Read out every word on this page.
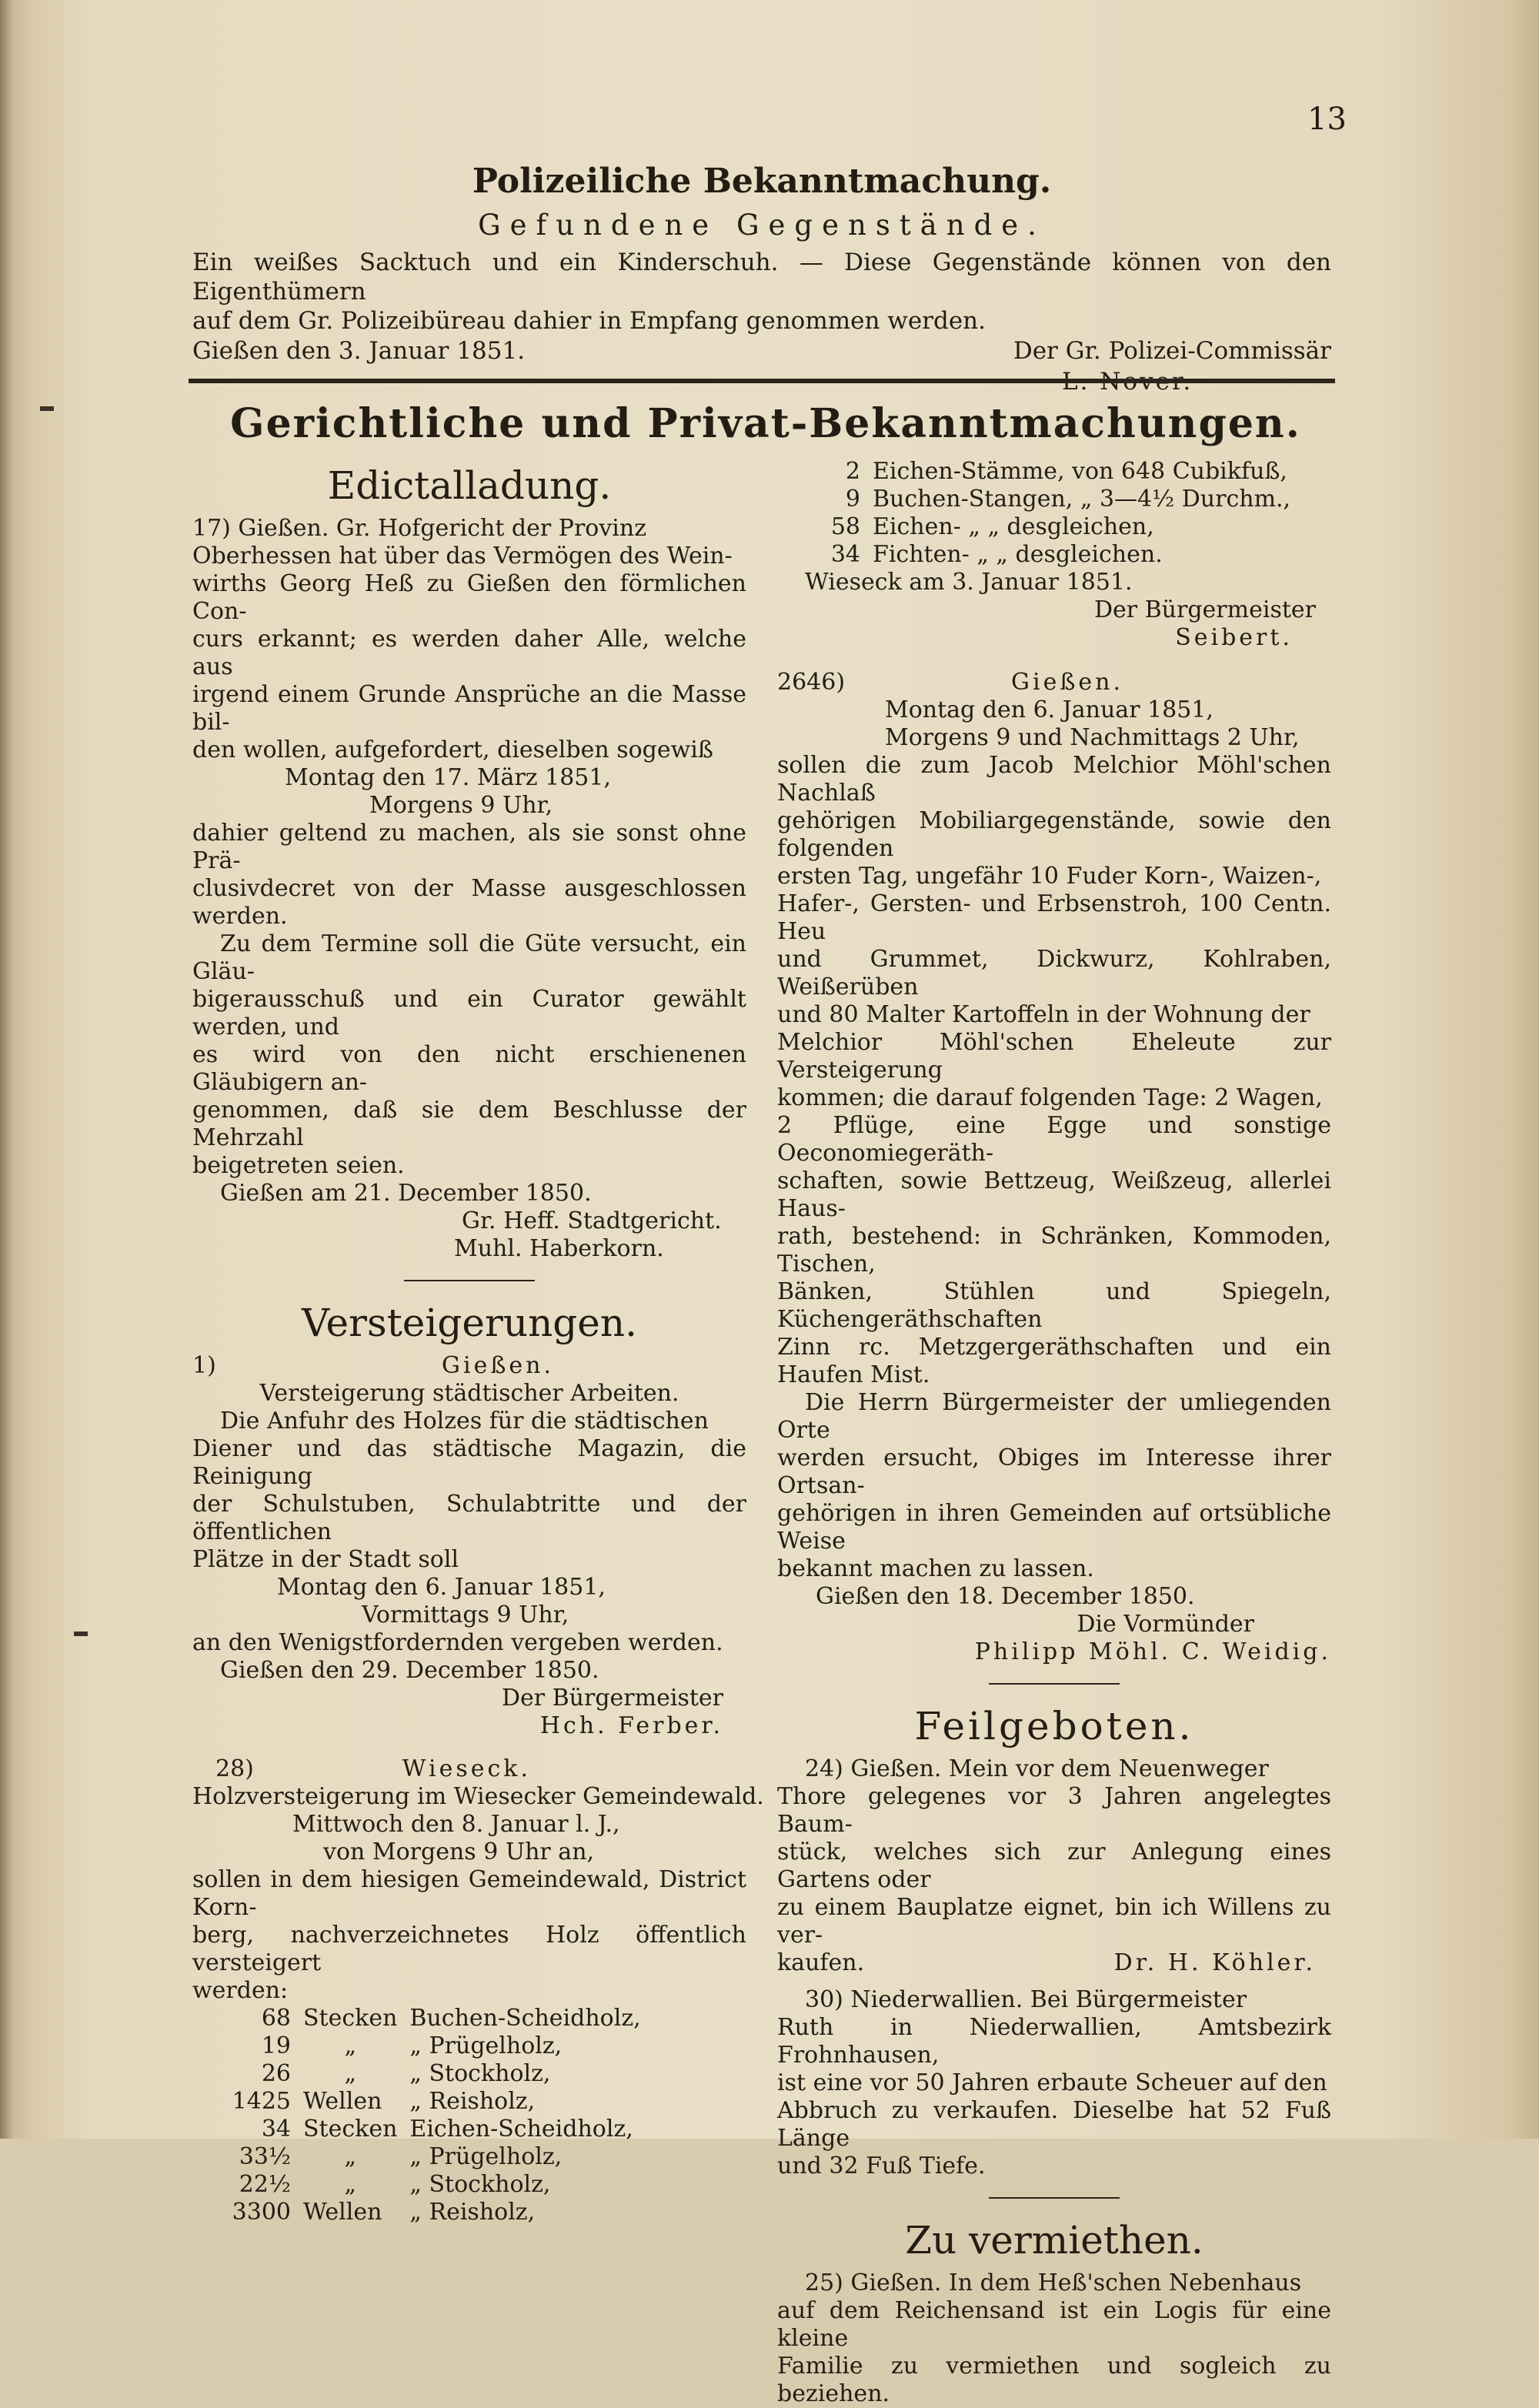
13
Polizeiliche Bekanntmachung.
Gefundene Gegenstände.
Ein weißes Sacktuch und ein Kinderschuh. — Diese Gegenstände können von den Eigenthümern
auf dem Gr. Polizeibüreau dahier in Empfang genommen werden.
Gießen den 3. Januar 1851.	Der Gr. Polizei-Commissär
Gerichtliche und Privat-Bekanntmachungen.
Edictalladung.
17) Gießen. Gr. Hofgericht der Provinz
Oberhessen hat über das Vermögen des Wein-
wirths Georg Heß zu Gießen den förmlichen Con-
curs erkannt; es werden daher Alle, welche aus
irgend einem Grunde Ansprüche an die Masse bil-
den wollen, aufgefordert, dieselben sogewiß
Montag den 17. März 1851,
Morgens 9 Uhr,
dahier geltend zu machen, als sie sonst ohne Prä-
clusivdecret von der Masse ausgeschlossen werden.
Zu dem Termine soll die Güte versucht, ein Gläu-
bigerausschuß und ein Curator gewählt werden, und
es wird von den nicht erschienenen Gläubigern an-
genommen, daß sie dem Beschlusse der Mehrzahl
beigetreten seien.
Gießen am 21. December 1850.
Gr. Heff. Stadtgericht.
Muhl. Haberkorn.
Versteigerungen.
1)	Gießen.
Versteigerung städtischer Arbeiten.
Die Anfuhr des Holzes für die städtischen
Diener und das städtische Magazin, die Reinigung
der Schulstuben, Schulabtritte und der öffentlichen
Plätze in der Stadt soll
Montag den 6. Januar 1851,
Vormittags 9 Uhr,
an den Wenigstfordernden vergeben werden.
Gießen den 29. December 1850.
Der Bürgermeister
Hch. Ferber.
28)	Wieseck.
Holzversteigerung im Wiesecker Gemeindewald.
Mittwoch den 8. Januar l. J.,
von Morgens 9 Uhr an,
sollen in dem hiesigen Gemeindewald, District Korn-
berg, nachverzeichnetes Holz öffentlich versteigert
werden:
68	Stecken	Buchen-Scheidholz,
19	„	„ Prügelholz,
26	„	„ Stockholz,
1425	Wellen	„ Reisholz,
34	Stecken	Eichen-Scheidholz,
33½	„	„ Prügelholz,
22½	„	„ Stockholz,
3300	Wellen	„ Reisholz,
2	Eichen-Stämme, von 648 Cubikfuß,
9	Buchen-Stangen, „ 3—4½ Durchm.,
58	Eichen- „ „ desgleichen,
34	Fichten- „ „ desgleichen.
Wieseck am 3. Januar 1851.
Der Bürgermeister
Seibert.
2646)	Gießen.
Montag den 6. Januar 1851,
Morgens 9 und Nachmittags 2 Uhr,
sollen die zum Jacob Melchior Möhl'schen Nachlaß
gehörigen Mobiliargegenstände, sowie den folgenden
ersten Tag, ungefähr 10 Fuder Korn-, Waizen-,
Hafer-, Gersten- und Erbsenstroh, 100 Centn. Heu
und Grummet, Dickwurz, Kohlraben, Weißerüben
und 80 Malter Kartoffeln in der Wohnung der
Melchior Möhl'schen Eheleute zur Versteigerung
kommen; die darauf folgenden Tage: 2 Wagen,
2 Pflüge, eine Egge und sonstige Oeconomiegeräth-
schaften, sowie Bettzeug, Weißzeug, allerlei Haus-
rath, bestehend: in Schränken, Kommoden, Tischen,
Bänken, Stühlen und Spiegeln, Küchengeräthschaften
Zinn rc. Metzgergeräthschaften und ein Haufen Mist.
Die Herrn Bürgermeister der umliegenden Orte
werden ersucht, Obiges im Interesse ihrer Ortsan-
gehörigen in ihren Gemeinden auf ortsübliche Weise
bekannt machen zu lassen.
Gießen den 18. December 1850.
Die Vormünder
Philipp Möhl. C. Weidig.
Feilgeboten.
24) Gießen. Mein vor dem Neuenweger
Thore gelegenes vor 3 Jahren angelegtes Baum-
stück, welches sich zur Anlegung eines Gartens oder
zu einem Bauplatze eignet, bin ich Willens zu ver-
kaufen.	Dr. H. Köhler.
30) Niederwallien. Bei Bürgermeister
Ruth in Niederwallien, Amtsbezirk Frohnhausen,
ist eine vor 50 Jahren erbaute Scheuer auf den
Abbruch zu verkaufen. Dieselbe hat 52 Fuß Länge
und 32 Fuß Tiefe.
Zu vermiethen.
25) Gießen. In dem Heß'schen Nebenhaus
auf dem Reichensand ist ein Logis für eine kleine
Familie zu vermiethen und sogleich zu beziehen.
